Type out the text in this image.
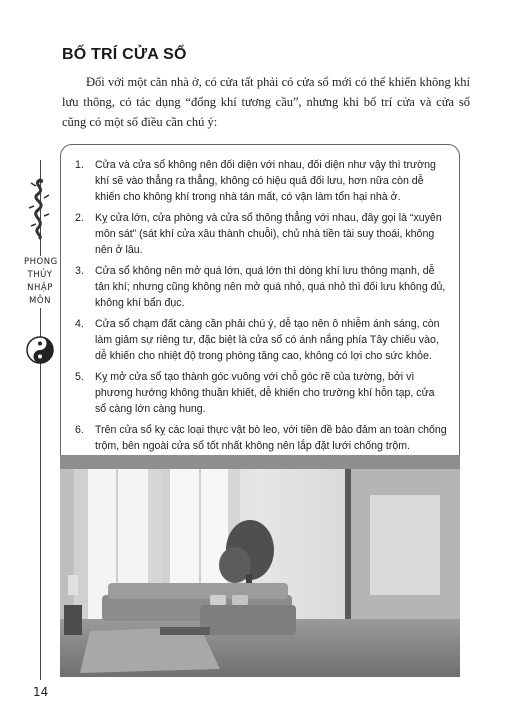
PHONG
THỦY
NHẬP
MÔN
14
BỐ TRÍ CỬA SỔ

Đối với một căn nhà ở, có cửa tất phải có cửa sổ mới có thể khiến không khí lưu thông, có tác dụng “đổng khí tương cầu”, nhưng khi bố trí cửa và cửa sổ cũng có một số điều cần chú ý:

1. Cửa và cửa sổ không nên đối diện với nhau, đối diện như vậy thì trường khí sẽ vào thẳng ra thẳng, không có hiệu quả đối lưu, hơn nữa còn dễ khiến cho không khí trong nhà tán mất, có vận làm tổn hại nhà ở.
2. Kỵ cửa lớn, cửa phòng và cửa sổ thông thẳng với nhau, đây gọi là “xuyên môn sát” (sát khí cửa xâu thành chuỗi), chủ nhà tiền tài suy thoái, không nên ở lâu.
3. Cửa sổ không nên mở quá lớn, quá lớn thì dòng khí lưu thông mạnh, dễ tản khí; nhưng cũng không nên mở quá nhỏ, quá nhỏ thì đối lưu không đủ, không khí bẩn đục.
4. Cửa sổ chạm đất càng cần phải chú ý, dễ tạo nên ô nhiễm ánh sáng, còn làm giảm sự riêng tư, đặc biệt là cửa sổ có ánh nắng phía Tây chiếu vào, dễ khiến cho nhiệt độ trong phòng tăng cao, không có lợi cho sức khỏe.
5. Kỵ mở cửa sổ tạo thành góc vuông với chỗ góc rẽ của tường, bởi vì phương hướng không thuần khiết, dễ khiến cho trường khí hỗn tạp, cửa sổ càng lớn càng hung.
6. Trên cửa sổ kỵ các loại thực vật bò leo, với tiền đề bảo đảm an toàn chống trộm, bên ngoài cửa sổ tốt nhất không nên lắp đặt lưới chống trộm.
